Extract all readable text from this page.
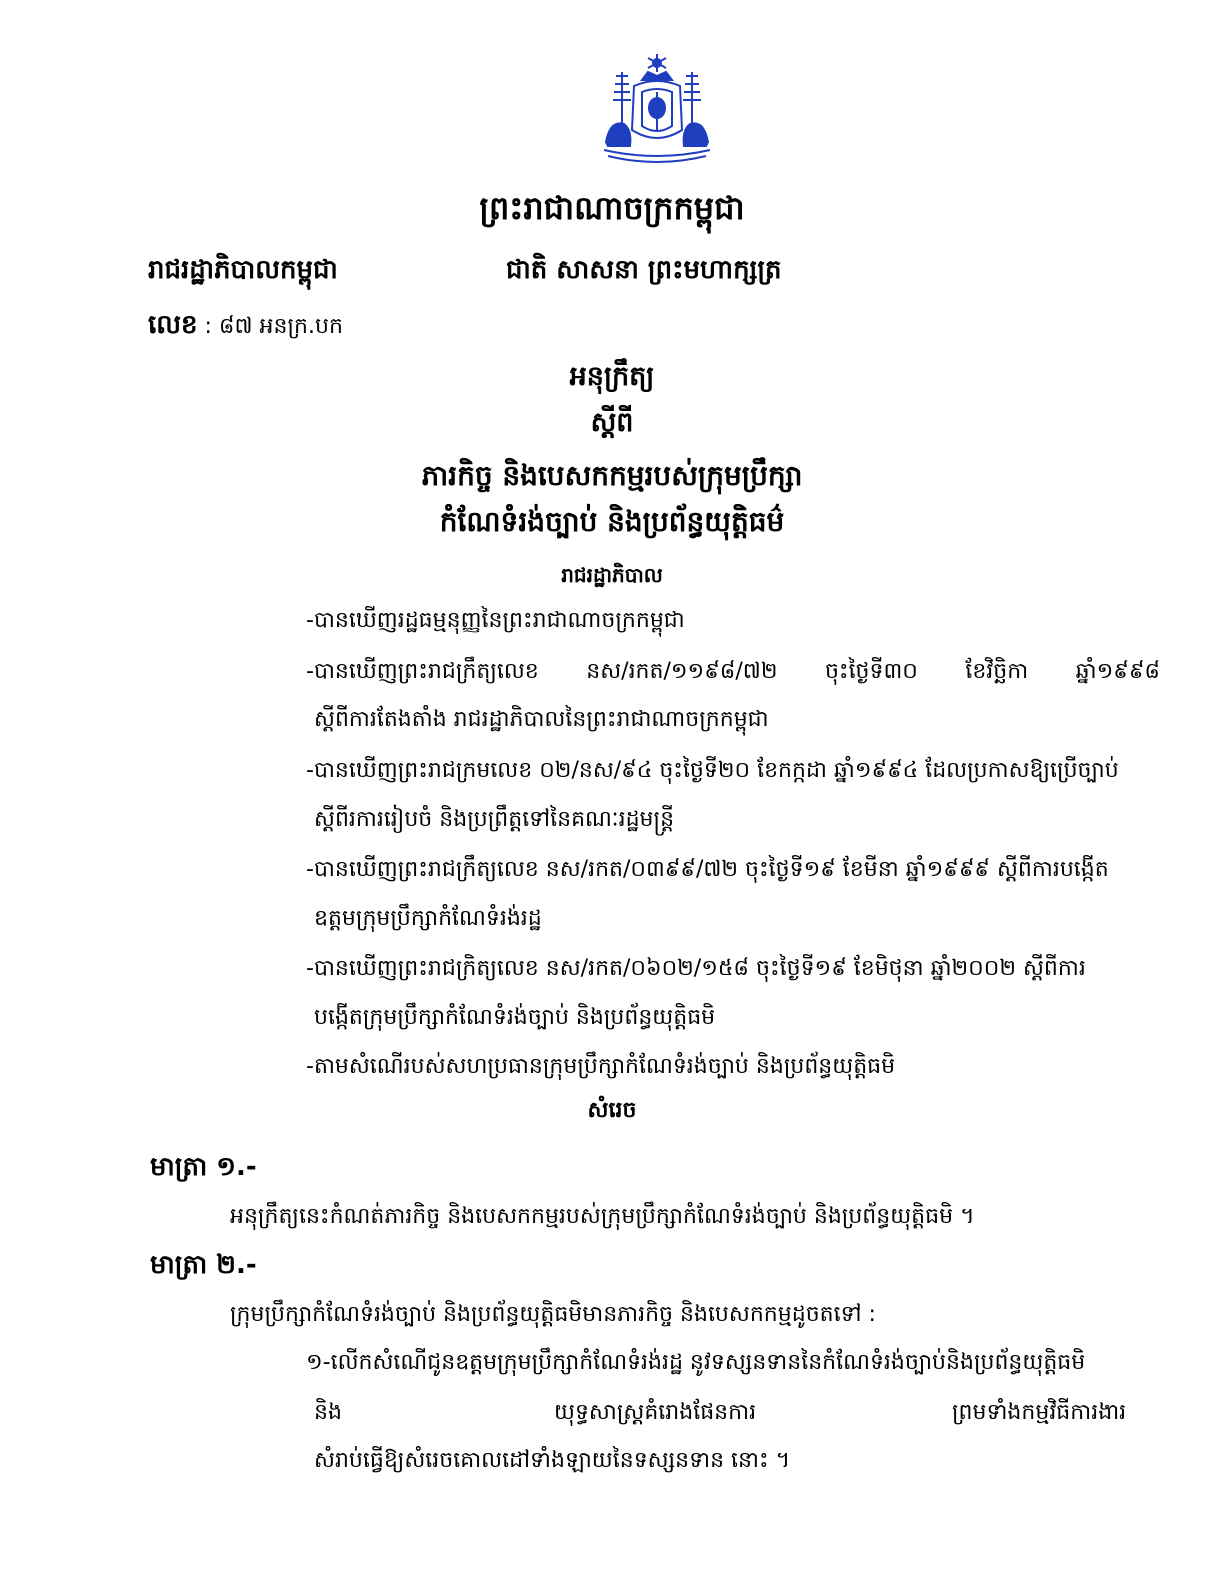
ព្រះរាជាណាចក្រកម្ពុជា
រាជរដ្ឋាភិបាលកម្ពុជា	ជាតិ សាសនា ព្រះមហាក្សត្រ
លេខ : ៨៧ អនក្រ.បក
អនុក្រឹត្យ
ស្តីពី
ភារកិច្ច និងបេសកកម្មរបស់ក្រុមប្រឹក្សា
កំណែទំរង់ច្បាប់ និងប្រព័ន្ធយុត្តិធម៌
រាជរដ្ឋាភិបាល
-បានឃើញរដ្ឋធម្មនុញ្ញនៃព្រះរាជាណាចក្រកម្ពុជា
-បានឃើញព្រះរាជក្រឹត្យលេខ នស/រកត/១១៩៨/៧២ ចុះថ្ងៃទី៣០ ខែវិច្ឆិកា ឆ្នាំ១៩៩៨
ស្តីពីការតែងតាំង រាជរដ្ឋាភិបាលនៃព្រះរាជាណាចក្រកម្ពុជា
-បានឃើញព្រះរាជក្រមលេខ ០២/នស/៩៤ ចុះថ្ងៃទី២០ ខែកក្កដា ឆ្នាំ១៩៩៤ ដែលប្រកាសឱ្យប្រើច្បាប់
ស្តីពីរការរៀបចំ និងប្រព្រឹត្តទៅនៃគណៈរដ្ឋមន្ត្រី
-បានឃើញព្រះរាជក្រឹត្យលេខ នស/រកត/០៣៩៩/៧២ ចុះថ្ងៃទី១៩ ខែមីនា ឆ្នាំ១៩៩៩ ស្តីពីការបង្កើត
ឧត្តមក្រុមប្រឹក្សាកំណែទំរង់រដ្ឋ
-បានឃើញព្រះរាជក្រិត្យលេខ នស/រកត/០៦០២/១៥៨ ចុះថ្ងៃទី១៩ ខែមិថុនា ឆ្នាំ២០០២ ស្តីពីការ
បង្កើតក្រុមប្រឹក្សាកំណែទំរង់ច្បាប់ និងប្រព័ន្ធយុត្តិធមិ
-តាមសំណើរបស់សហប្រធានក្រុមប្រឹក្សាកំណែទំរង់ច្បាប់ និងប្រព័ន្ធយុត្តិធមិ
សំរេច
មាត្រា ១.-
អនុក្រឹត្យនេះកំណត់ភារកិច្ច និងបេសកកម្មរបស់ក្រុមប្រឹក្សាកំណែទំរង់ច្បាប់ និងប្រព័ន្ធយុត្តិធមិ ។
មាត្រា ២.-
ក្រុមប្រឹក្សាកំណែទំរង់ច្បាប់ និងប្រព័ន្ធយុត្តិធមិមានភារកិច្ច និងបេសកកម្មដូចតទៅ :
១-លើកសំណើជូនឧត្តមក្រុមប្រឹក្សាកំណែទំរង់រដ្ឋ នូវទស្សនទាននៃកំណែទំរង់ច្បាប់និងប្រព័ន្ធយុត្តិធមិ
និង	យុទ្ធសាស្ត្រគំរោងផែនការ	ព្រមទាំងកម្មវិធីការងារ
សំរាប់ធ្វើឱ្យសំរេចគោលដៅទាំងឡាយនៃទស្សនទាន នោះ ។
